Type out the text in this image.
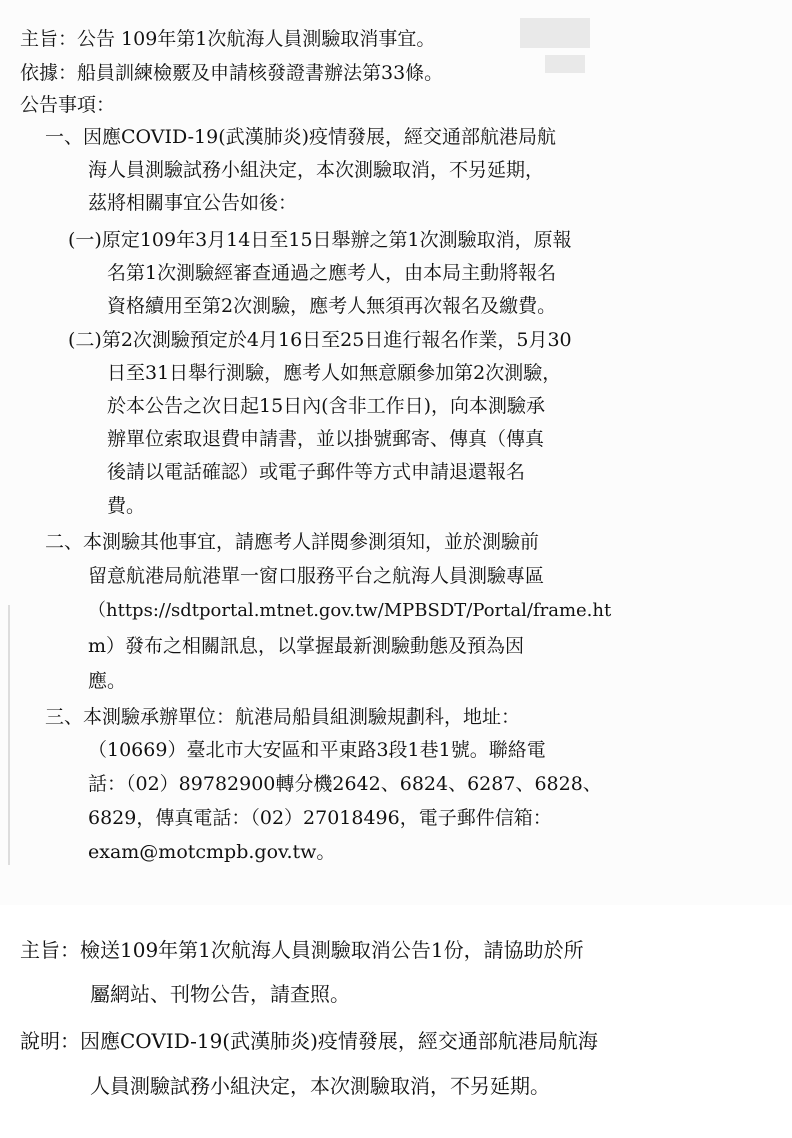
主旨：公告 109年第1次航海人員測驗取消事宜。
依據：船員訓練檢覈及申請核發證書辦法第33條。
公告事項：
一、因應COVID-19(武漢肺炎)疫情發展，經交通部航港局航
海人員測驗試務小組決定，本次測驗取消，不另延期，
茲將相關事宜公告如後：
(一)原定109年3月14日至15日舉辦之第1次測驗取消，原報
名第1次測驗經審查通過之應考人，由本局主動將報名
資格續用至第2次測驗，應考人無須再次報名及繳費。
(二)第2次測驗預定於4月16日至25日進行報名作業，5月30
日至31日舉行測驗，應考人如無意願參加第2次測驗，
於本公告之次日起15日內(含非工作日)，向本測驗承
辦單位索取退費申請書，並以掛號郵寄、傳真（傳真
後請以電話確認）或電子郵件等方式申請退還報名
費。
二、本測驗其他事宜，請應考人詳閱參測須知，並於測驗前
留意航港局航港單一窗口服務平台之航海人員測驗專區
（https://sdtportal.mtnet.gov.tw/MPBSDT/Portal/frame.ht
m）發布之相關訊息，以掌握最新測驗動態及預為因
應。
三、本測驗承辦單位：航港局船員組測驗規劃科，地址：
（10669）臺北市大安區和平東路3段1巷1號。聯絡電
話：（02）89782900轉分機2642、6824、6287、6828、
6829，傳真電話：（02）27018496，電子郵件信箱：
exam@motcmpb.gov.tw。
主旨：檢送109年第1次航海人員測驗取消公告1份，請協助於所
屬網站、刊物公告，請查照。
說明：因應COVID-19(武漢肺炎)疫情發展，經交通部航港局航海
人員測驗試務小組決定，本次測驗取消，不另延期。
